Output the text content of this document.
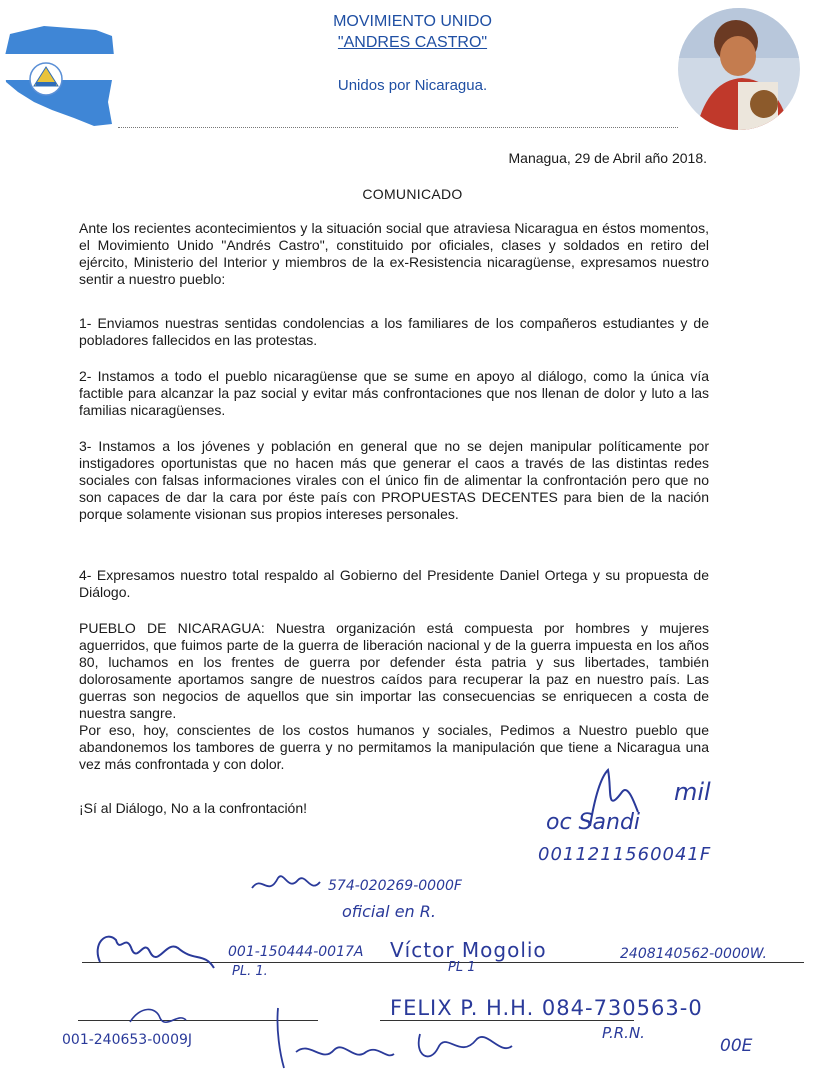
MOVIMIENTO UNIDO
"ANDRES CASTRO"
Unidos por Nicaragua.
Managua, 29 de Abril año 2018.
COMUNICADO
Ante los recientes acontecimientos y la situación social que atraviesa Nicaragua en éstos momentos, el Movimiento Unido "Andrés Castro", constituido por oficiales, clases y soldados en retiro del ejército, Ministerio del Interior y miembros de la ex-Resistencia nicaragüense, expresamos nuestro sentir a nuestro pueblo:
1- Enviamos nuestras sentidas condolencias a los familiares de los compañeros estudiantes y de pobladores fallecidos en las protestas.
2- Instamos a todo el pueblo nicaragüense que se sume en apoyo al diálogo, como la única vía factible para alcanzar la paz social y evitar más confrontaciones que nos llenan de dolor y luto a las familias nicaragüenses.
3- Instamos a los jóvenes y población en general que no se dejen manipular políticamente por instigadores oportunistas que no hacen más que generar el caos a través de las distintas redes sociales con falsas informaciones virales con el único fin de alimentar la confrontación pero que no son capaces de dar la cara por éste país con PROPUESTAS DECENTES para bien de la nación porque solamente visionan sus propios intereses personales.
4- Expresamos nuestro total respaldo al Gobierno del Presidente Daniel Ortega y su propuesta de Diálogo.
PUEBLO DE NICARAGUA: Nuestra organización está compuesta por hombres y mujeres aguerridos, que fuimos parte de la guerra de liberación nacional y de la guerra impuesta en los años 80, luchamos en los frentes de guerra por defender ésta patria y sus libertades, también dolorosamente aportamos sangre de nuestros caídos para recuperar la paz en nuestro país. Las guerras son negocios de aquellos que sin importar las consecuencias se enriquecen a costa de nuestra sangre.
Por eso, hoy, conscientes de los costos humanos y sociales, Pedimos a Nuestro pueblo que abandonemos los tambores de guerra y no permitamos la manipulación que tiene a Nicaragua una vez más confrontada y con dolor.
¡Sí al Diálogo, No a la confrontación!
mil
oc Sandi
0011211560041F
574-020269-0000F
oficial en R.
001-150444-0017A Víctor Mogolio	2408140562-0000W.
PL. 1.	PL 1
FELIX P. H.H. 084-730563-0
P.R.N.
00E
001-240653-0009J
